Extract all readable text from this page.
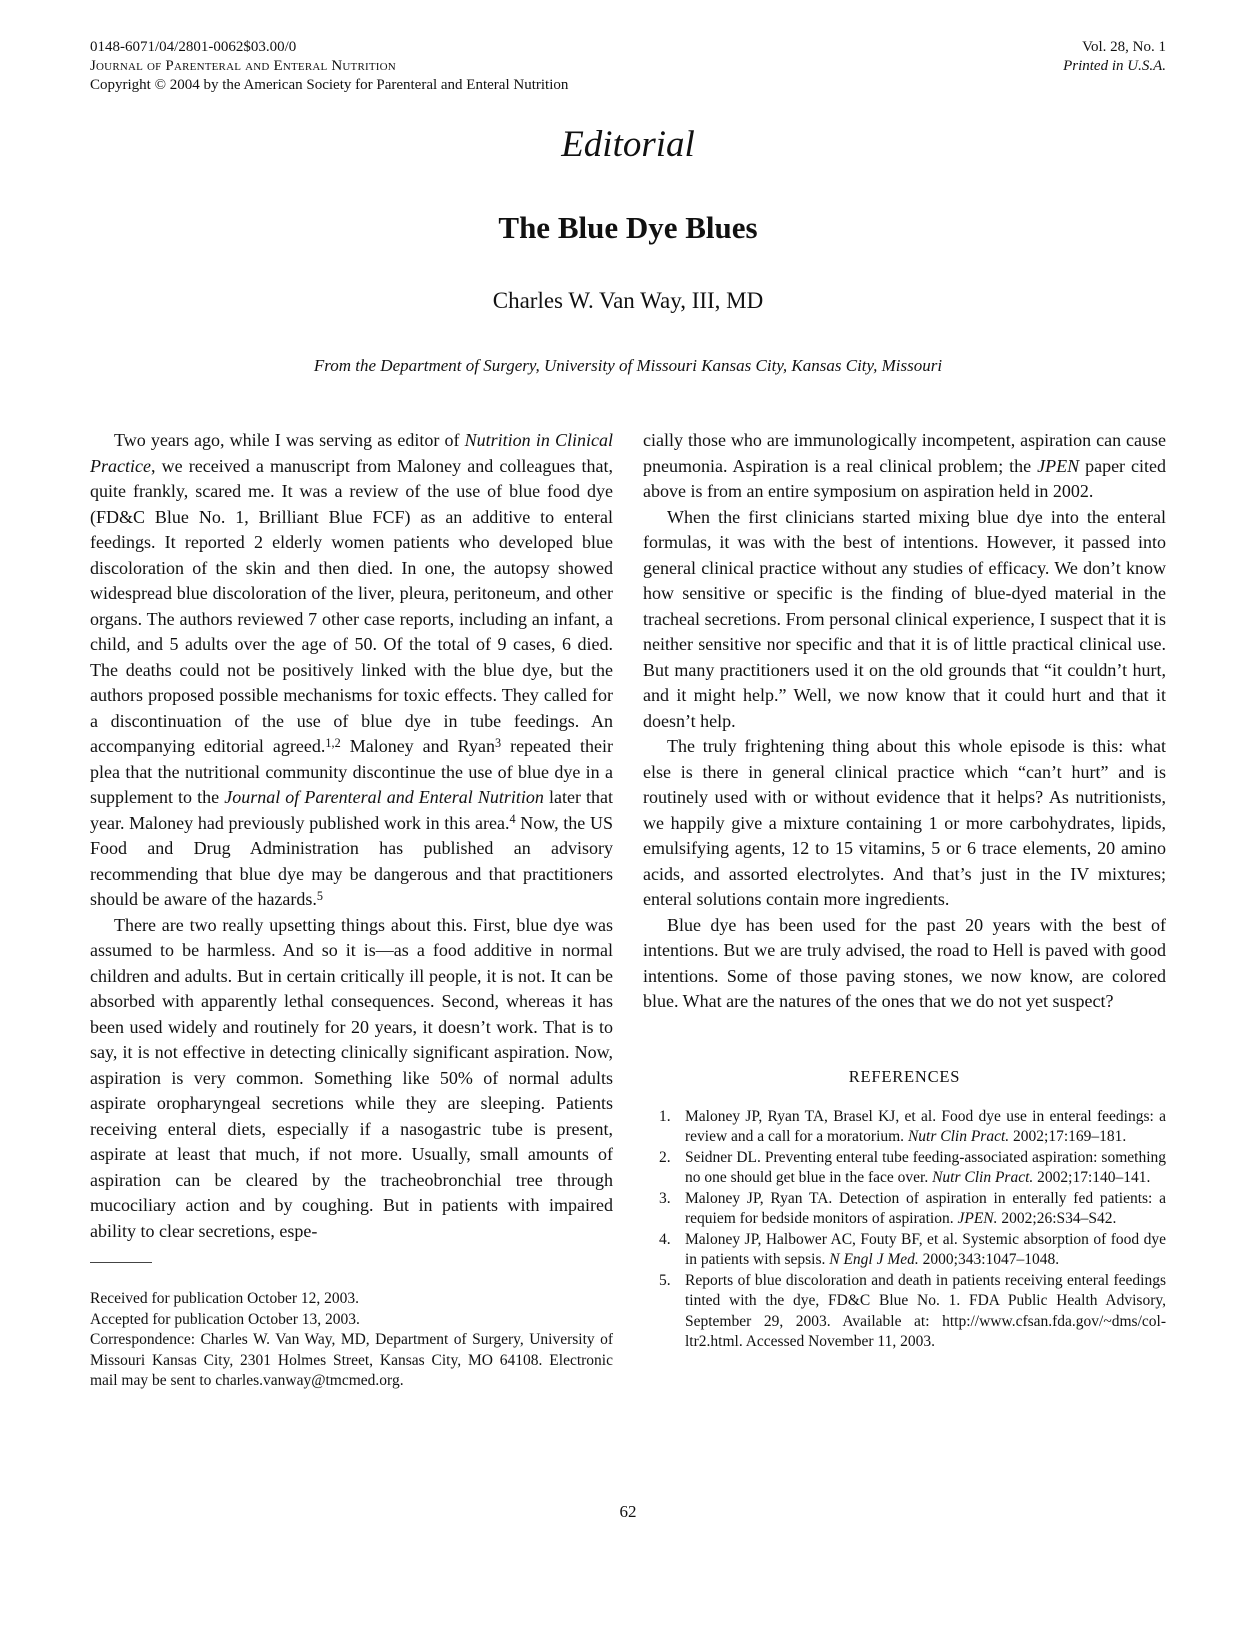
0148-6071/04/2801-0062$03.00/0
Journal of Parenteral and Enteral Nutrition
Copyright © 2004 by the American Society for Parenteral and Enteral Nutrition
Vol. 28, No. 1
Printed in U.S.A.
Editorial
The Blue Dye Blues
Charles W. Van Way, III, MD
From the Department of Surgery, University of Missouri Kansas City, Kansas City, Missouri

Two years ago, while I was serving as editor of Nutrition in Clinical Practice, we received a manuscript from Maloney and colleagues that, quite frankly, scared me. It was a review of the use of blue food dye (FD&C Blue No. 1, Brilliant Blue FCF) as an additive to enteral feedings. It reported 2 elderly women patients who developed blue discoloration of the skin and then died. In one, the autopsy showed widespread blue discoloration of the liver, pleura, peritoneum, and other organs. The authors reviewed 7 other case reports, including an infant, a child, and 5 adults over the age of 50. Of the total of 9 cases, 6 died. The deaths could not be positively linked with the blue dye, but the authors proposed possible mechanisms for toxic effects. They called for a discontinuation of the use of blue dye in tube feedings. An accompanying editorial agreed.$^{1,2}$ Maloney and Ryan$^3$ repeated their plea that the nutritional community discontinue the use of blue dye in a supplement to the Journal of Parenteral and Enteral Nutrition later that year. Maloney had previously published work in this area.$^4$ Now, the US Food and Drug Administration has published an advisory recommending that blue dye may be dangerous and that practitioners should be aware of the hazards.$^5$

There are two really upsetting things about this. First, blue dye was assumed to be harmless. And so it is—as a food additive in normal children and adults. But in certain critically ill people, it is not. It can be absorbed with apparently lethal consequences. Second, whereas it has been used widely and routinely for 20 years, it doesn’t work. That is to say, it is not effective in detecting clinically significant aspiration. Now, aspiration is very common. Something like 50% of normal adults aspirate oropharyngeal secretions while they are sleeping. Patients receiving enteral diets, especially if a nasogastric tube is present, aspirate at least that much, if not more. Usually, small amounts of aspiration can be cleared by the tracheobronchial tree through mucociliary action and by coughing. But in patients with impaired ability to clear secretions, espe-

Received for publication October 12, 2003.
Accepted for publication October 13, 2003.
Correspondence: Charles W. Van Way, MD, Department of Surgery, University of Missouri Kansas City, 2301 Holmes Street, Kansas City, MO 64108. Electronic mail may be sent to charles.vanway@tmcmed.org.

cially those who are immunologically incompetent, aspiration can cause pneumonia. Aspiration is a real clinical problem; the JPEN paper cited above is from an entire symposium on aspiration held in 2002.

When the first clinicians started mixing blue dye into the enteral formulas, it was with the best of intentions. However, it passed into general clinical practice without any studies of efficacy. We don’t know how sensitive or specific is the finding of blue-dyed material in the tracheal secretions. From personal clinical experience, I suspect that it is neither sensitive nor specific and that it is of little practical clinical use. But many practitioners used it on the old grounds that “it couldn’t hurt, and it might help.” Well, we now know that it could hurt and that it doesn’t help.

The truly frightening thing about this whole episode is this: what else is there in general clinical practice which “can’t hurt” and is routinely used with or without evidence that it helps? As nutritionists, we happily give a mixture containing 1 or more carbohydrates, lipids, emulsifying agents, 12 to 15 vitamins, 5 or 6 trace elements, 20 amino acids, and assorted electrolytes. And that’s just in the IV mixtures; enteral solutions contain more ingredients.

Blue dye has been used for the past 20 years with the best of intentions. But we are truly advised, the road to Hell is paved with good intentions. Some of those paving stones, we now know, are colored blue. What are the natures of the ones that we do not yet suspect?

REFERENCES
1. Maloney JP, Ryan TA, Brasel KJ, et al. Food dye use in enteral feedings: a review and a call for a moratorium. Nutr Clin Pract. 2002;17:169–181.
2. Seidner DL. Preventing enteral tube feeding-associated aspiration: something no one should get blue in the face over. Nutr Clin Pract. 2002;17:140–141.
3. Maloney JP, Ryan TA. Detection of aspiration in enterally fed patients: a requiem for bedside monitors of aspiration. JPEN. 2002;26:S34–S42.
4. Maloney JP, Halbower AC, Fouty BF, et al. Systemic absorption of food dye in patients with sepsis. N Engl J Med. 2000;343:1047–1048.
5. Reports of blue discoloration and death in patients receiving enteral feedings tinted with the dye, FD&C Blue No. 1. FDA Public Health Advisory, September 29, 2003. Available at: http://www.cfsan.fda.gov/~dms/col-ltr2.html. Accessed November 11, 2003.
62
